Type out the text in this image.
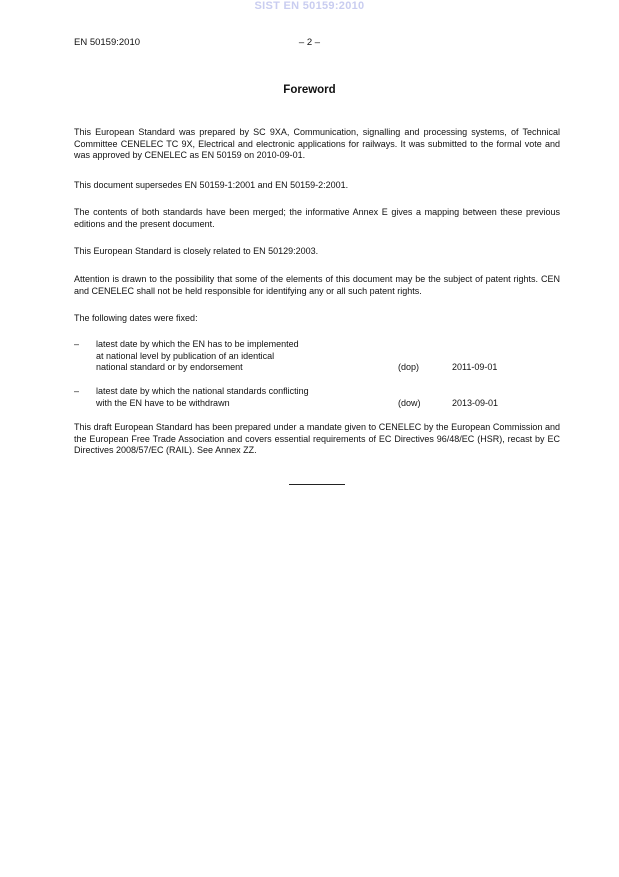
SIST EN 50159:2010
EN 50159:2010	– 2 –
Foreword
This European Standard was prepared by SC 9XA, Communication, signalling and processing systems, of Technical Committee CENELEC TC 9X, Electrical and electronic applications for railways. It was submitted to the formal vote and was approved by CENELEC as EN 50159 on 2010-09-01.
This document supersedes EN 50159-1:2001 and EN 50159-2:2001.
The contents of both standards have been merged; the informative Annex E gives a mapping between these previous editions and the present document.
This European Standard is closely related to EN 50129:2003.
Attention is drawn to the possibility that some of the elements of this document may be the subject of patent rights. CEN and CENELEC shall not be held responsible for identifying any or all such patent rights.
The following dates were fixed:
– latest date by which the EN has to be implemented
at national level by publication of an identical
national standard or by endorsement	(dop)	2011-09-01
– latest date by which the national standards conflicting
with the EN have to be withdrawn	(dow)	2013-09-01
This draft European Standard has been prepared under a mandate given to CENELEC by the European Commission and the European Free Trade Association and covers essential requirements of EC Directives 96/48/EC (HSR), recast by EC Directives 2008/57/EC (RAIL). See Annex ZZ.
